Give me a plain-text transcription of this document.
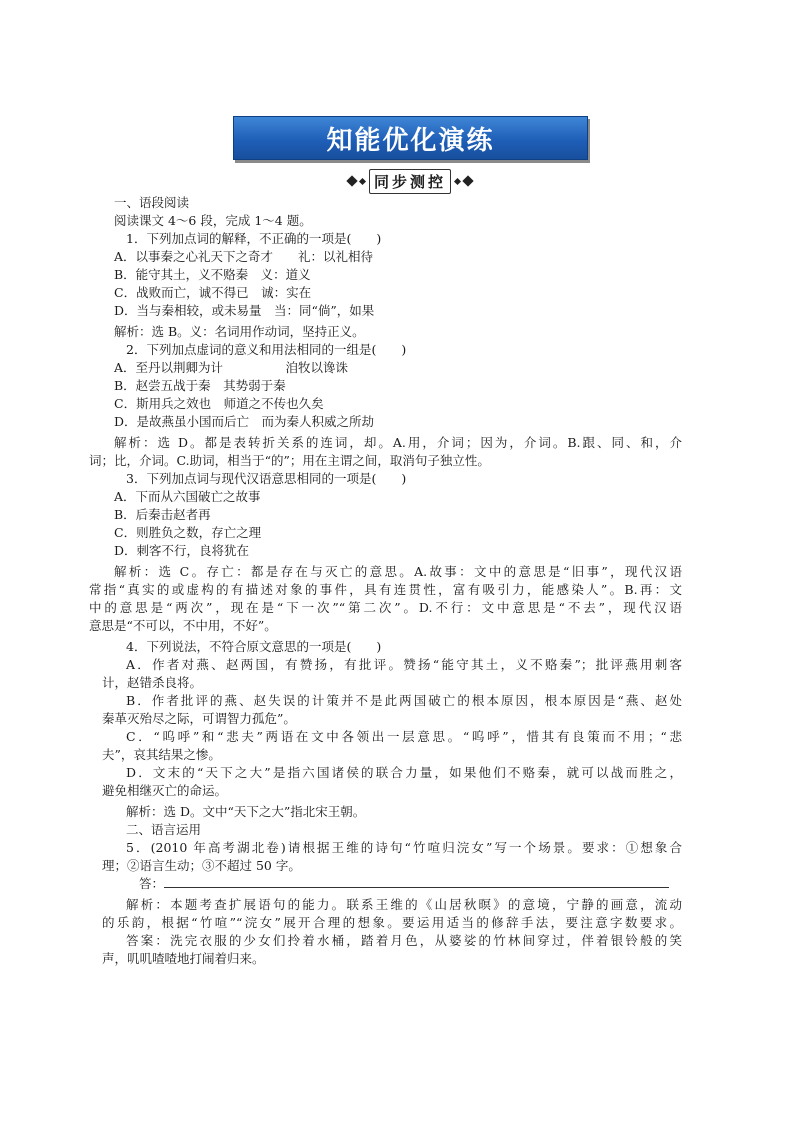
知能优化演练
同步测控
一、语段阅读
阅读课文 4～6 段，完成 1～4 题。
1．下列加点词的解释，不正确的一项是(　　)
A．以事秦之心礼天下之奇才　　礼：以礼相待
B．能守其土，义不赂秦　义：道义
C．战败而亡，诚不得已　诚：实在
D．当与秦相较，或未易量　当：同“倘”，如果
解析：选 B。义：名词用作动词，坚持正义。
2．下列加点虚词的意义和用法相同的一组是(　　)
A．至丹以荆卿为计　　　　　洎牧以谗诛
B．赵尝五战于秦　其势弱于秦
C．斯用兵之效也　师道之不传也久矣
D．是故燕虽小国而后亡　而为秦人积威之所劫
解析：选 D。都是表转折关系的连词，却。A.用，介词；因为，介词。B.跟、同、和，介
词；比，介词。C.助词，相当于“的”；用在主谓之间，取消句子独立性。
3．下列加点词与现代汉语意思相同的一项是(　　)
A．下而从六国破亡之故事
B．后秦击赵者再
C．则胜负之数，存亡之理
D．刺客不行，良将犹在
解析：选 C。存亡：都是存在与灭亡的意思。A.故事：文中的意思是“旧事”，现代汉语
常指“真实的或虚构的有描述对象的事件，具有连贯性，富有吸引力，能感染人”。B.再：文
中的意思是“两次”，现在是“下一次”“第二次”。D.不行：文中意思是“不去”，现代汉语
意思是“不可以，不中用，不好”。
4．下列说法，不符合原文意思的一项是(　　)
A．作者对燕、赵两国，有赞扬，有批评。赞扬“能守其土，义不赂秦”；批评燕用刺客
计，赵错杀良将。
B．作者批评的燕、赵失误的计策并不是此两国破亡的根本原因，根本原因是“燕、赵处
秦革灭殆尽之际，可谓智力孤危”。
C．“呜呼”和“悲夫”两语在文中各领出一层意思。“呜呼”，惜其有良策而不用；“悲
夫”，哀其结果之惨。
D．文末的“天下之大”是指六国诸侯的联合力量，如果他们不赂秦，就可以战而胜之，
避免相继灭亡的命运。
解析：选 D。文中“天下之大”指北宋王朝。
二、语言运用
5．(2010 年高考湖北卷)请根据王维的诗句“竹喧归浣女”写一个场景。要求：①想象合
理；②语言生动；③不超过 50 字。
答：
解析：本题考查扩展语句的能力。联系王维的《山居秋暝》的意境，宁静的画意，流动
的乐韵，根据“竹喧”“浣女”展开合理的想象。要运用适当的修辞手法，要注意字数要求。
答案：洗完衣服的少女们拎着水桶，踏着月色，从婆娑的竹林间穿过，伴着银铃般的笑
声，叽叽喳喳地打闹着归来。
